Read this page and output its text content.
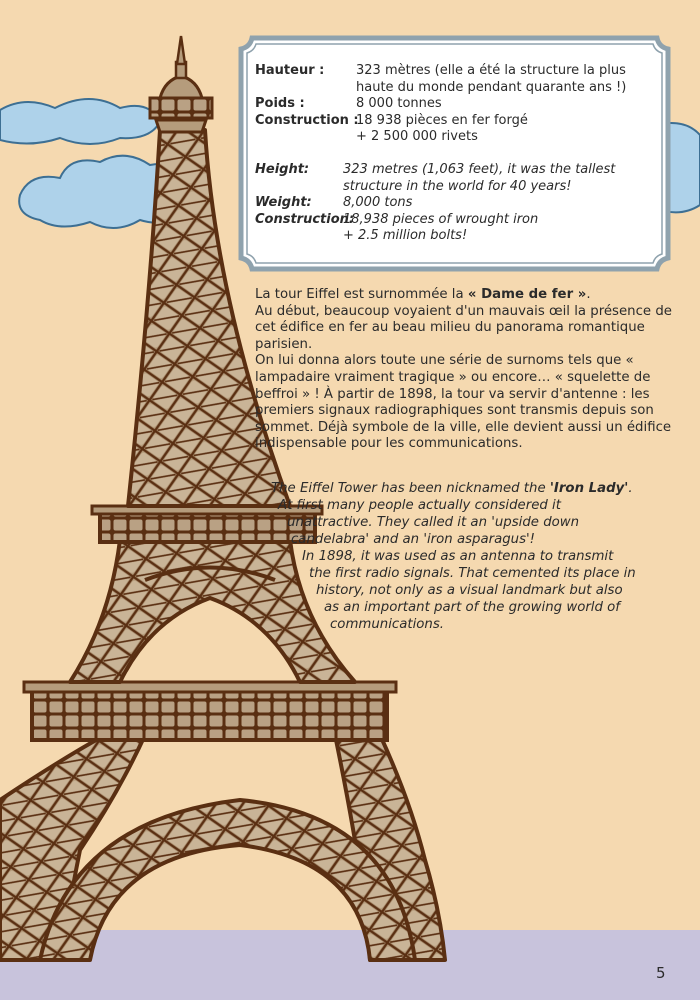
Hauteur :	323 mètres (elle a été la structure la plus
haute du monde pendant quarante ans !)
Poids :	8 000 tonnes
Construction :
18 938 pièces en fer forgé
+ 2 500 000 rivets
Height:	323 metres (1,063 feet), it was the tallest
structure in the world for 40 years!
Weight:	8,000 tons
Construction:
18,938 pieces of wrought iron
+ 2.5 million bolts!

La tour Eiffel est surnommée la « Dame de fer ».

Au début, beaucoup voyaient d'un mauvais œil la présence de cet édifice en fer au beau milieu du panorama romantique parisien.

On lui donna alors toute une série de surnoms tels que « lampadaire vraiment tragique » ou encore… « squelette de beffroi » ! À partir de 1898, la tour va servir d'antenne : les premiers signaux radiographiques sont transmis depuis son sommet. Déjà symbole de la ville, elle devient aussi un édifice indispensable pour les communications.

The Eiffel Tower has been nicknamed the 'Iron Lady'.
At first many people actually considered it
unattractive. They called it an 'upside down
candelabra' and an 'iron asparagus'!
In 1898, it was used as an antenna to transmit
the first radio signals. That cemented its place in
history, not only as a visual landmark but also
as an important part of the growing world of
communications.
5
